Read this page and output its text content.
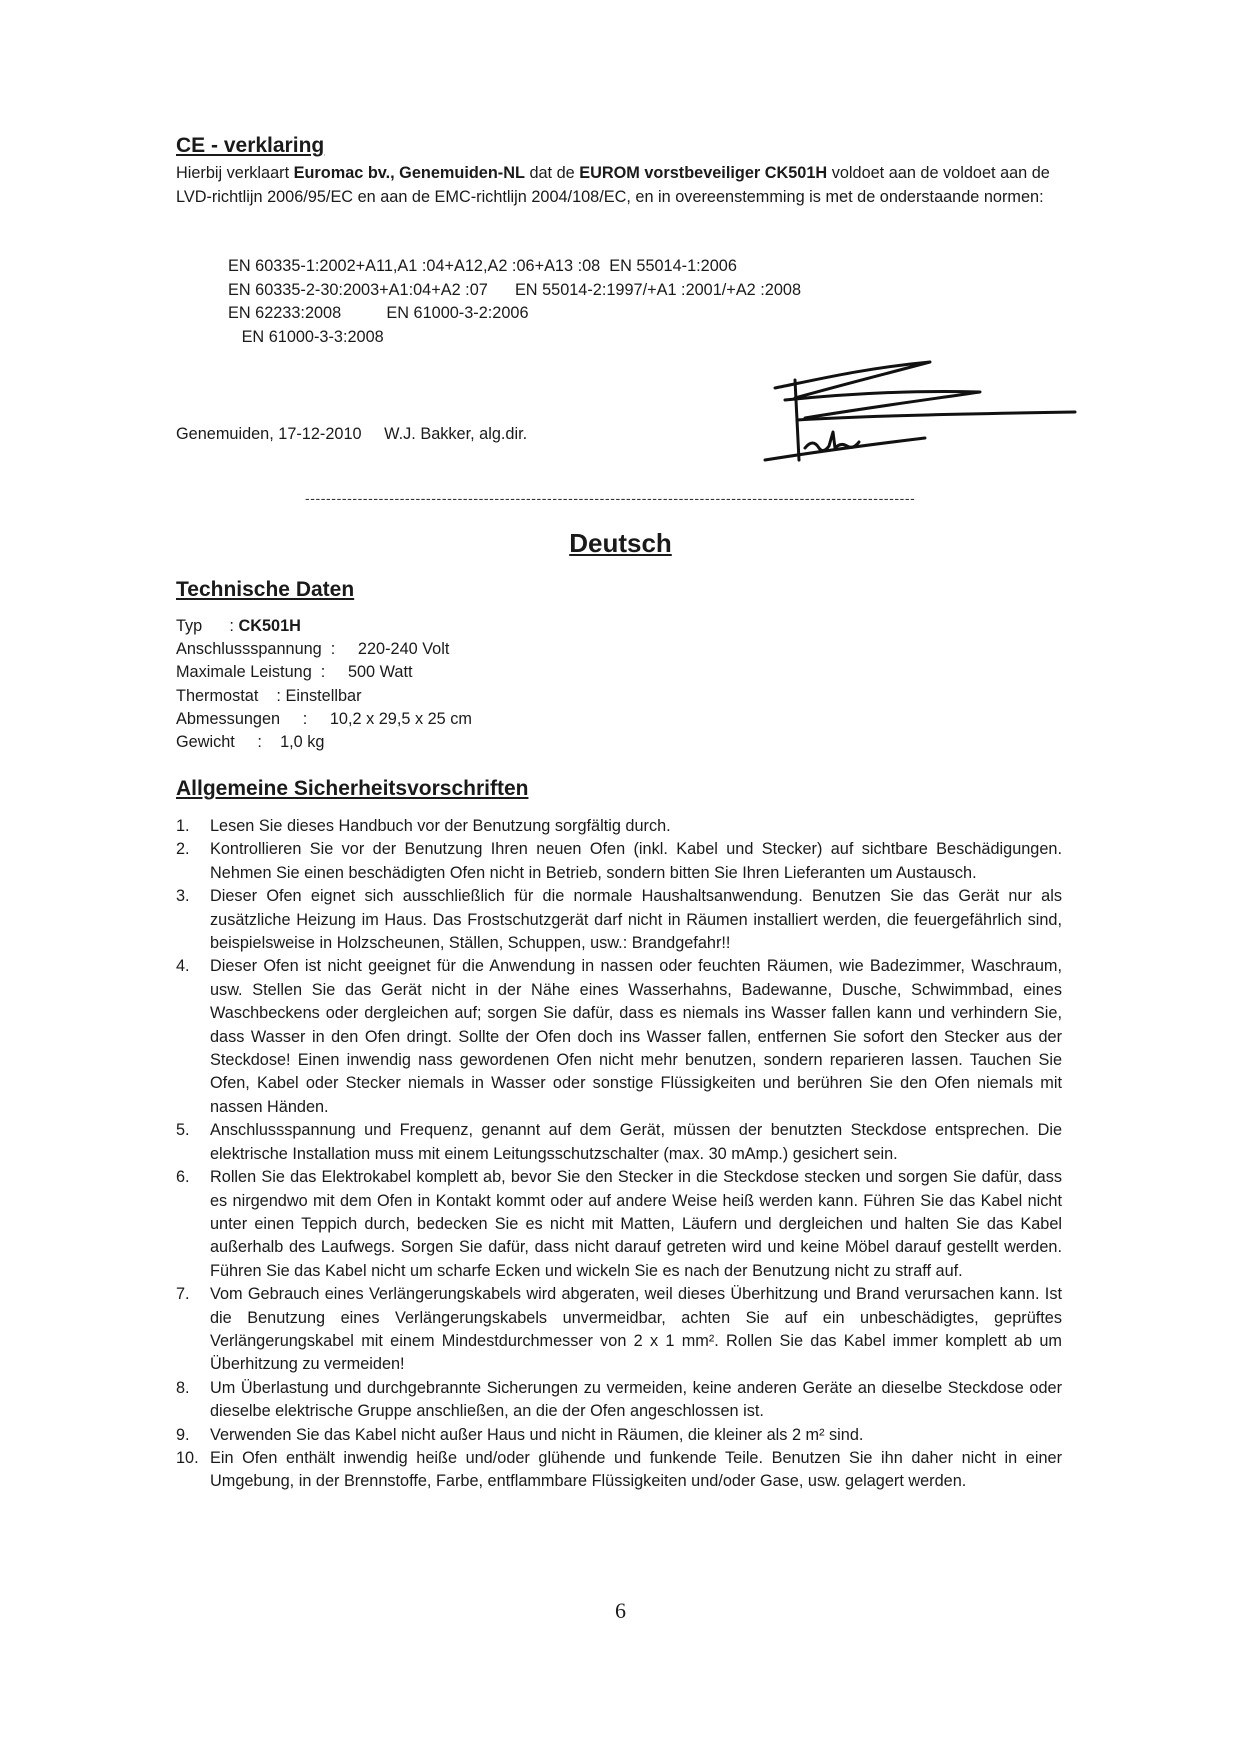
CE - verklaring

Hierbij verklaart Euromac bv., Genemuiden-NL dat de EUROM vorstbeveiliger CK501H voldoet aan de voldoet aan de LVD-richtlijn 2006/95/EC en aan de EMC-richtlijn 2004/108/EC, en in overeenstemming is met de onderstaande normen:

EN 60335-1:2002+A11,A1 :04+A12,A2 :06+A13 :08  EN 55014-1:2006
EN 60335-2-30:2003+A1:04+A2 :07      EN 55014-2:1997/+A1 :2001/+A2 :2008
EN 62233:2008          EN 61000-3-2:2006
EN 61000-3-3:2008
Genemuiden, 17-12-2010     W.J. Bakker, alg.dir.
--------------------------------------------------------------------------------------------------------------------
Deutsch
Technische Daten
Typ      : CK501H
Anschlussspannung  :     220-240 Volt
Maximale Leistung  :     500 Watt
Thermostat    : Einstellbar
Abmessungen     :     10,2 x 29,5 x 25 cm
Gewicht     :    1,0 kg
Allgemeine Sicherheitsvorschriften
1. Lesen Sie dieses Handbuch vor der Benutzung sorgfältig durch.
2. Kontrollieren Sie vor der Benutzung Ihren neuen Ofen (inkl. Kabel und Stecker) auf sichtbare Beschädigungen. Nehmen Sie einen beschädigten Ofen nicht in Betrieb, sondern bitten Sie Ihren Lieferanten um Austausch.
3. Dieser Ofen eignet sich ausschließlich für die normale Haushaltsanwendung. Benutzen Sie das Gerät nur als zusätzliche Heizung im Haus. Das Frostschutzgerät darf nicht in Räumen installiert werden, die feuergefährlich sind, beispielsweise in Holzscheunen, Ställen, Schuppen, usw.: Brandgefahr!!
4. Dieser Ofen ist nicht geeignet für die Anwendung in nassen oder feuchten Räumen, wie Badezimmer, Waschraum, usw. Stellen Sie das Gerät nicht in der Nähe eines Wasserhahns, Badewanne, Dusche, Schwimmbad, eines Waschbeckens oder dergleichen auf; sorgen Sie dafür, dass es niemals ins Wasser fallen kann und verhindern Sie, dass Wasser in den Ofen dringt. Sollte der Ofen doch ins Wasser fallen, entfernen Sie sofort den Stecker aus der Steckdose! Einen inwendig nass gewordenen Ofen nicht mehr benutzen, sondern reparieren lassen. Tauchen Sie Ofen, Kabel oder Stecker niemals in Wasser oder sonstige Flüssigkeiten und berühren Sie den Ofen niemals mit nassen Händen.
5. Anschlussspannung und Frequenz, genannt auf dem Gerät, müssen der benutzten Steckdose entsprechen. Die elektrische Installation muss mit einem Leitungsschutzschalter (max. 30 mAmp.) gesichert sein.
6. Rollen Sie das Elektrokabel komplett ab, bevor Sie den Stecker in die Steckdose stecken und sorgen Sie dafür, dass es nirgendwo mit dem Ofen in Kontakt kommt oder auf andere Weise heiß werden kann. Führen Sie das Kabel nicht unter einen Teppich durch, bedecken Sie es nicht mit Matten, Läufern und dergleichen und halten Sie das Kabel außerhalb des Laufwegs. Sorgen Sie dafür, dass nicht darauf getreten wird und keine Möbel darauf gestellt werden. Führen Sie das Kabel nicht um scharfe Ecken und wickeln Sie es nach der Benutzung nicht zu straff auf.
7. Vom Gebrauch eines Verlängerungskabels wird abgeraten, weil dieses Überhitzung und Brand verursachen kann. Ist die Benutzung eines Verlängerungskabels unvermeidbar, achten Sie auf ein unbeschädigtes, geprüftes Verlängerungskabel mit einem Mindestdurchmesser von 2 x 1 mm². Rollen Sie das Kabel immer komplett ab um Überhitzung zu vermeiden!
8. Um Überlastung und durchgebrannte Sicherungen zu vermeiden, keine anderen Geräte an dieselbe Steckdose oder dieselbe elektrische Gruppe anschließen, an die der Ofen angeschlossen ist.
9. Verwenden Sie das Kabel nicht außer Haus und nicht in Räumen, die kleiner als 2 m² sind.
10. Ein Ofen enthält inwendig heiße und/oder glühende und funkende Teile. Benutzen Sie ihn daher nicht in einer Umgebung, in der Brennstoffe, Farbe, entflammbare Flüssigkeiten und/oder Gase, usw. gelagert werden.
6
